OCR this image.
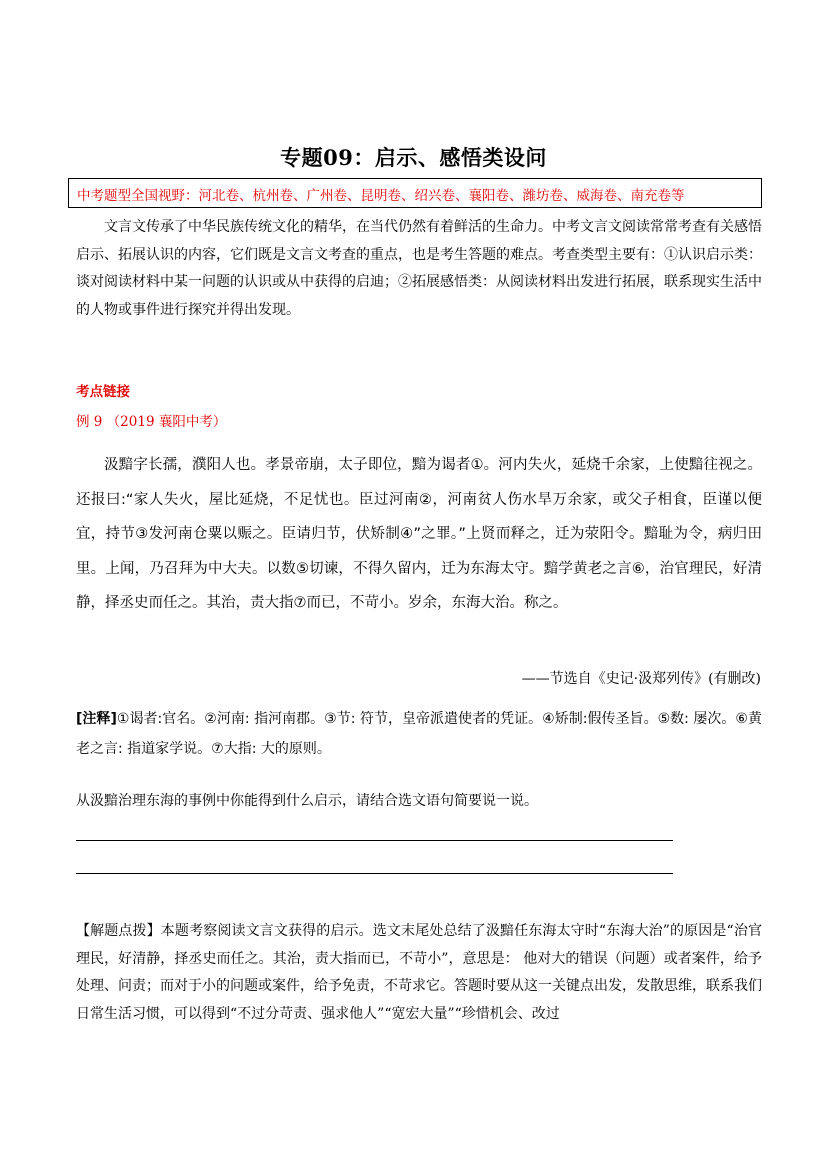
专题09：启示、感悟类设问
中考题型全国视野：河北卷、杭州卷、广州卷、昆明卷、绍兴卷、襄阳卷、潍坊卷、威海卷、南充卷等
文言文传承了中华民族传统文化的精华，在当代仍然有着鲜活的生命力。中考文言文阅读常常考查有关感悟启示、拓展认识的内容，它们既是文言文考查的重点，也是考生答题的难点。考查类型主要有：①认识启示类：谈对阅读材料中某一问题的认识或从中获得的启迪；②拓展感悟类：从阅读材料出发进行拓展，联系现实生活中的人物或事件进行探究并得出发现。
考点链接
例 9 （2019 襄阳中考）
汲黯字长孺，濮阳人也。孝景帝崩，太子即位，黯为谒者①。河内失火，延烧千余家，上使黯往视之。还报曰:“家人失火，屋比延烧，不足忧也。臣过河南②，河南贫人伤水旱万余家，或父子相食，臣谨以便宜，持节③发河南仓粟以赈之。臣请归节，伏矫制④”之罪。”上贤而释之，迁为荥阳令。黯耻为令，病归田里。上闻，乃召拜为中大夫。以数⑤切谏，不得久留内，迁为东海太守。黯学黄老之言⑥，治官理民，好清静，择丞史而任之。其治，责大指⑦而已，不苛小。岁余，东海大治。称之。
——节选自《史记·汲郑列传》(有删改)
[注释]①谒者:官名。②河南: 指河南郡。③节: 符节，皇帝派遣使者的凭证。④矫制:假传圣旨。⑤数: 屡次。⑥黄老之言: 指道家学说。⑦大指: 大的原则。
从汲黯治理东海的事例中你能得到什么启示，请结合选文语句简要说一说。
【解题点拨】本题考察阅读文言文获得的启示。选文末尾处总结了汲黯任东海太守时“东海大治”的原因是“治官理民，好清静，择丞史而任之。其治，责大指而已，不苛小”，意思是： 他对大的错误（问题）或者案件，给予处理、问责；而对于小的问题或案件，给予免责，不苛求它。答题时要从这一关键点出发，发散思维，联系我们日常生活习惯，可以得到“不过分苛责、强求他人”“宽宏大量”“珍惜机会、改过
